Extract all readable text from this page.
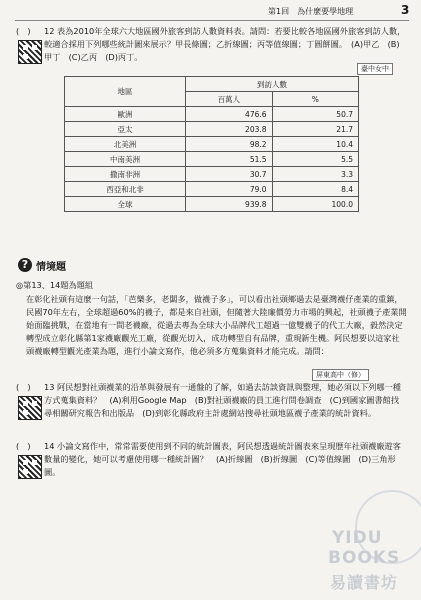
第1回　為什麼要學地理	3
(　) 12 表為2010年全球六大地區國外旅客到訪人數資料表。請問：若要比較各地區國外旅客到訪人數，較適合採用下列哪些統計圖來展示？甲長條圖；乙折線圖；丙等值線圖；丁圓餅圖。　(A)甲乙　(B)甲丁　(C)乙丙　(D)丙丁。
臺中女中
地區	到訪人數	
	百萬人	%
歐洲	476.6	50.7
亞太	203.8	21.7
北美洲	98.2	10.4
中南美洲	51.5	5.5
撒南非洲	30.7	3.3
西亞和北非	79.0	8.4
全球	939.8	100.0
? 情境題
◎第13、14題為題組
在彰化社頭有這麼一句話，「芭樂多，老闆多，做襪子多」，可以看出社頭鄉過去是臺灣襪仔產業的重鎮，民國70年左右，全球超過60%的襪子，都是來自社頭，但隨著大陸廉價勞力市場的興起，社頭襪子產業開始面臨挑戰，在當地有一間老襪廠，從過去專為全球大小品牌代工超過一億雙襪子的代工大廠，毅然決定轉型成立彰化縣第1家襪廠觀光工廠，從觀光切入，成功轉型自有品牌，重現新生機。阿民想要以這家社頭襪廠轉型觀光產業為題，進行小論文寫作，他必須多方蒐集資料才能完成。請問：
屏東高中（修）
(　) 13 阿民想對社頭襪業的沿革與發展有一通盤的了解，如過去訪談資訊與整理，她必須以下列哪一種方式蒐集資料？　(A)利用Google Map　(B)對社頭襪廠的員工進行問卷調查　(C)到國家圖書館找尋相關研究報告和出版品　(D)到彰化縣政府主計處網站搜尋社頭地區襪子產業的統計資料。
(　) 14 小論文寫作中，常常需要使用到不同的統計圖表，阿民想透過統計圖表來呈現歷年社頭襪廠遊客數量的變化，她可以考慮使用哪一種統計圖？　(A)折線圖　(B)折線圖　(C)等值線圖　(D)三角形圖。
YIDU
BOOKS
易讀書坊
